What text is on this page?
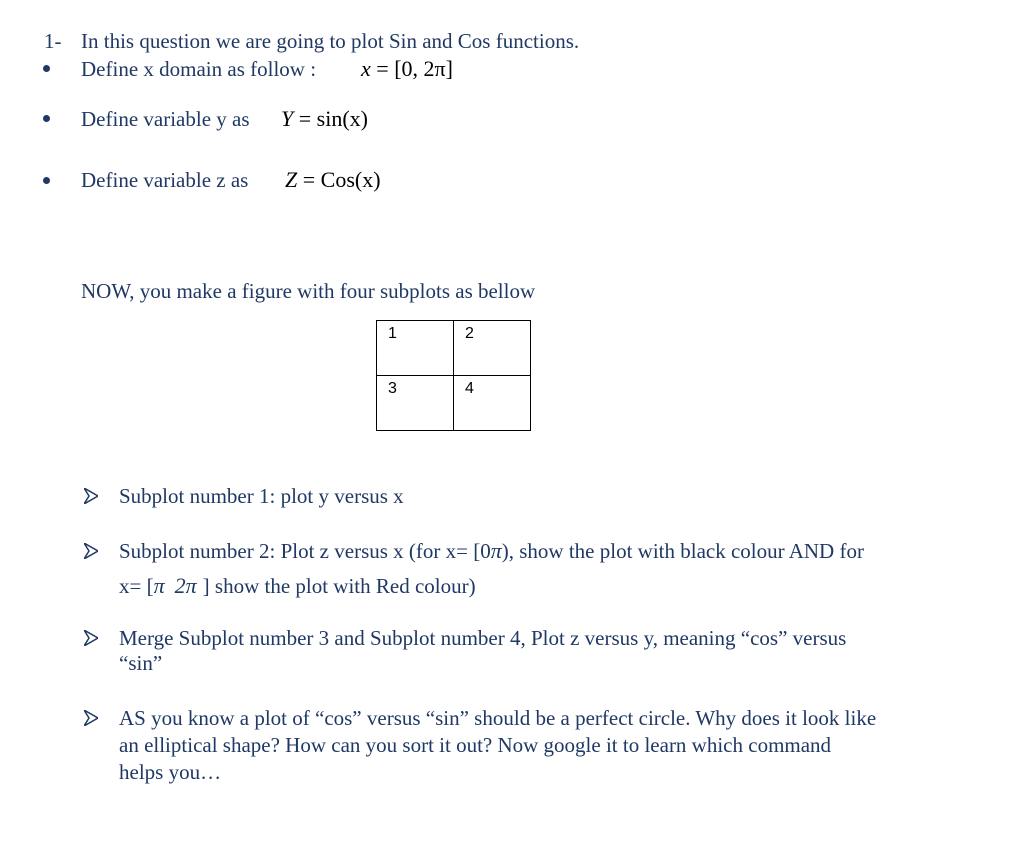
1- In this question we are going to plot Sin and Cos functions.
Define x domain as follow : x = [0, 2π]
Define variable y as Y = sin(x)
Define variable z as Z = Cos(x)
NOW, you make a figure with four subplots as bellow
1	2
3	4
Subplot number 1: plot y versus x
Subplot number 2: Plot z versus x (for x= [0π), show the plot with black colour AND for
x= [π 2π ] show the plot with Red colour)
Merge Subplot number 3 and Subplot number 4, Plot z versus y, meaning “cos” versus
“sin”
AS you know a plot of “cos” versus “sin” should be a perfect circle. Why does it look like
an elliptical shape? How can you sort it out? Now google it to learn which command
helps you…
